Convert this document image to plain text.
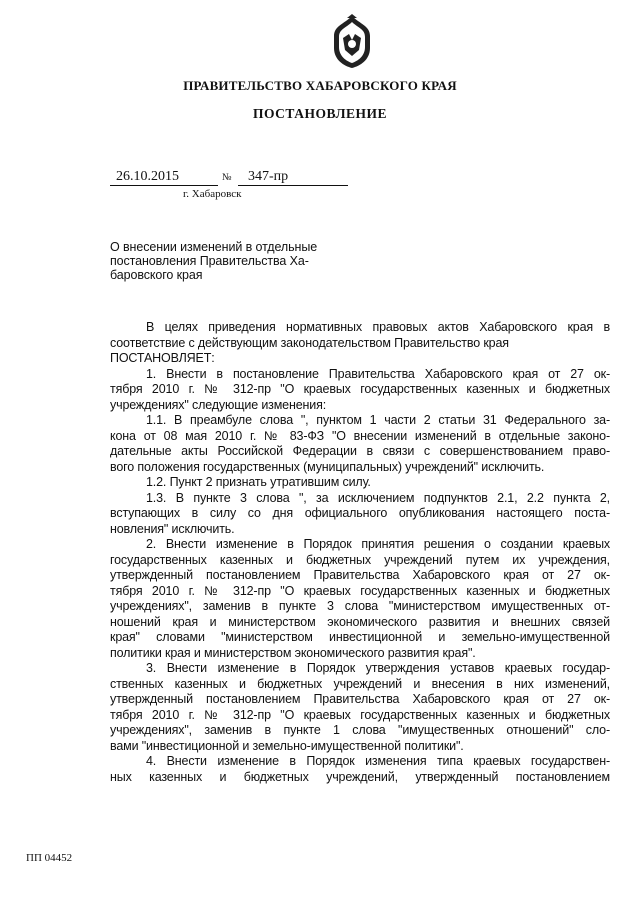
ПРАВИТЕЛЬСТВО ХАБАРОВСКОГО КРАЯ
ПОСТАНОВЛЕНИЕ
26.10.2015	№	347-пр
г. Хабаровск
О внесении изменений в отдельные
постановления Правительства Ха-
баровского края
В целях приведения нормативных правовых актов Хабаровского края в
соответствие с действующим законодательством Правительство края
ПОСТАНОВЛЯЕТ:
1. Внести в постановление Правительства Хабаровского края от 27 ок-
тября 2010 г. № 312-пр "О краевых государственных казенных и бюджетных
учреждениях" следующие изменения:
1.1. В преамбуле слова ", пунктом 1 части 2 статьи 31 Федерального за-
кона от 08 мая 2010 г. № 83-ФЗ "О внесении изменений в отдельные законо-
дательные акты Российской Федерации в связи с совершенствованием право-
вого положения государственных (муниципальных) учреждений" исключить.
1.2. Пункт 2 признать утратившим силу.
1.3. В пункте 3 слова ", за исключением подпунктов 2.1, 2.2 пункта 2,
вступающих в силу со дня официального опубликования настоящего поста-
новления" исключить.
2. Внести изменение в Порядок принятия решения о создании краевых
государственных казенных и бюджетных учреждений путем их учреждения,
утвержденный постановлением Правительства Хабаровского края от 27 ок-
тября 2010 г. № 312-пр "О краевых государственных казенных и бюджетных
учреждениях", заменив в пункте 3 слова "министерством имущественных от-
ношений края и министерством экономического развития и внешних связей
края" словами "министерством инвестиционной и земельно-имущественной
политики края и министерством экономического развития края".
3. Внести изменение в Порядок утверждения уставов краевых государ-
ственных казенных и бюджетных учреждений и внесения в них изменений,
утвержденный постановлением Правительства Хабаровского края от 27 ок-
тября 2010 г. № 312-пр "О краевых государственных казенных и бюджетных
учреждениях", заменив в пункте 1 слова "имущественных отношений" сло-
вами "инвестиционной и земельно-имущественной политики".
4. Внести изменение в Порядок изменения типа краевых государствен-
ных казенных и бюджетных учреждений, утвержденный постановлением
ПП 04452
